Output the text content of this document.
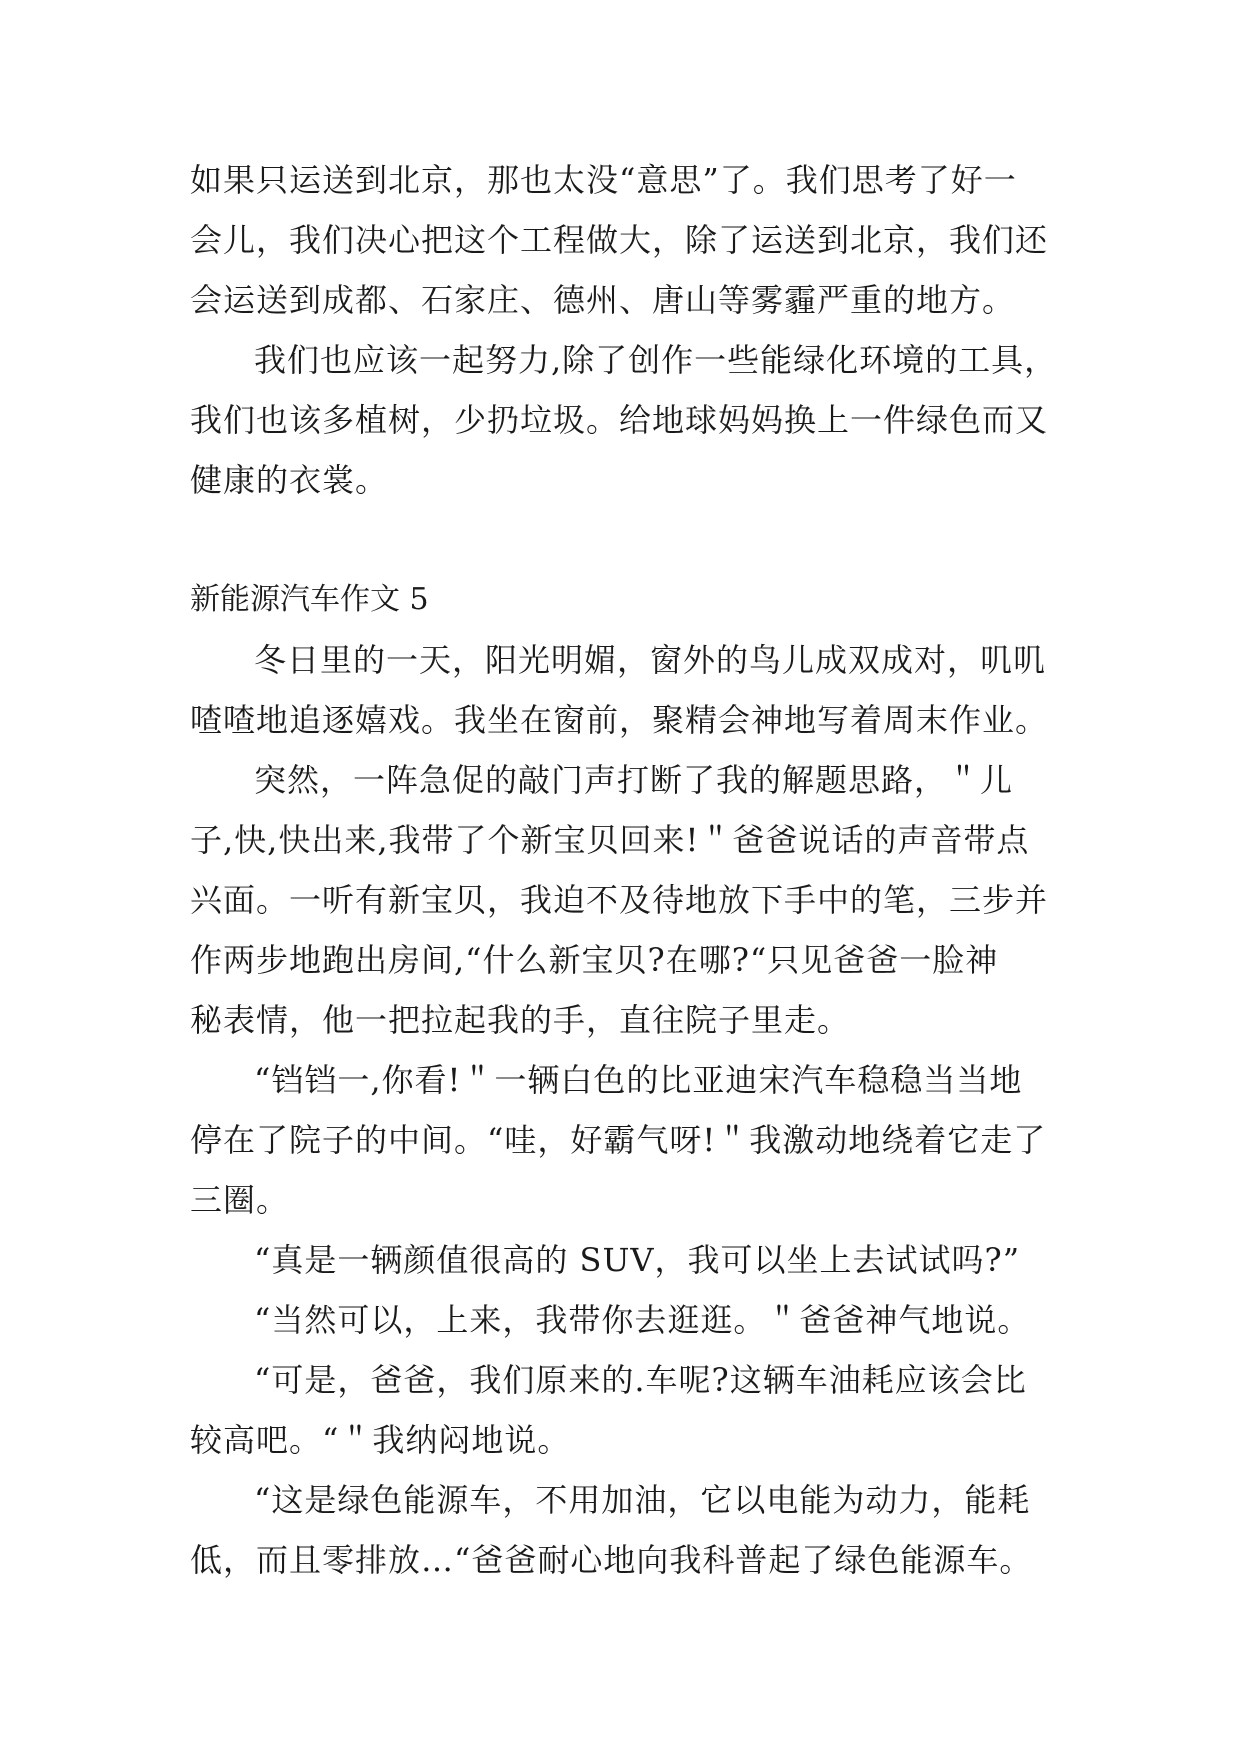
如果只运送到北京，那也太没“意思”了。我们思考了好一
会儿，我们决心把这个工程做大，除了运送到北京，我们还
会运送到成都、石家庄、德州、唐山等雾霾严重的地方。
我们也应该一起努力,除了创作一些能绿化环境的工具，
我们也该多植树，少扔垃圾。给地球妈妈换上一件绿色而又
健康的衣裳。
新能源汽车作文 5
冬日里的一天，阳光明媚，窗外的鸟儿成双成对，叽叽
喳喳地追逐嬉戏。我坐在窗前，聚精会神地写着周末作业。
突然，一阵急促的敲门声打断了我的解题思路，＂儿
子,快,快出来,我带了个新宝贝回来!＂爸爸说话的声音带点
兴面。一听有新宝贝，我迫不及待地放下手中的笔，三步并
作两步地跑出房间,“什么新宝贝?在哪?“只见爸爸一脸神
秘表情，他一把拉起我的手，直往院子里走。
“铛铛一,你看!＂一辆白色的比亚迪宋汽车稳稳当当地
停在了院子的中间。“哇，好霸气呀!＂我激动地绕着它走了
三圈。
“真是一辆颜值很高的 SUV，我可以坐上去试试吗?”
“当然可以，上来，我带你去逛逛。＂爸爸神气地说。
“可是，爸爸，我们原来的.车呢?这辆车油耗应该会比
较高吧。“＂我纳闷地说。
“这是绿色能源车，不用加油，它以电能为动力，能耗
低，而且零排放…“爸爸耐心地向我科普起了绿色能源车。
